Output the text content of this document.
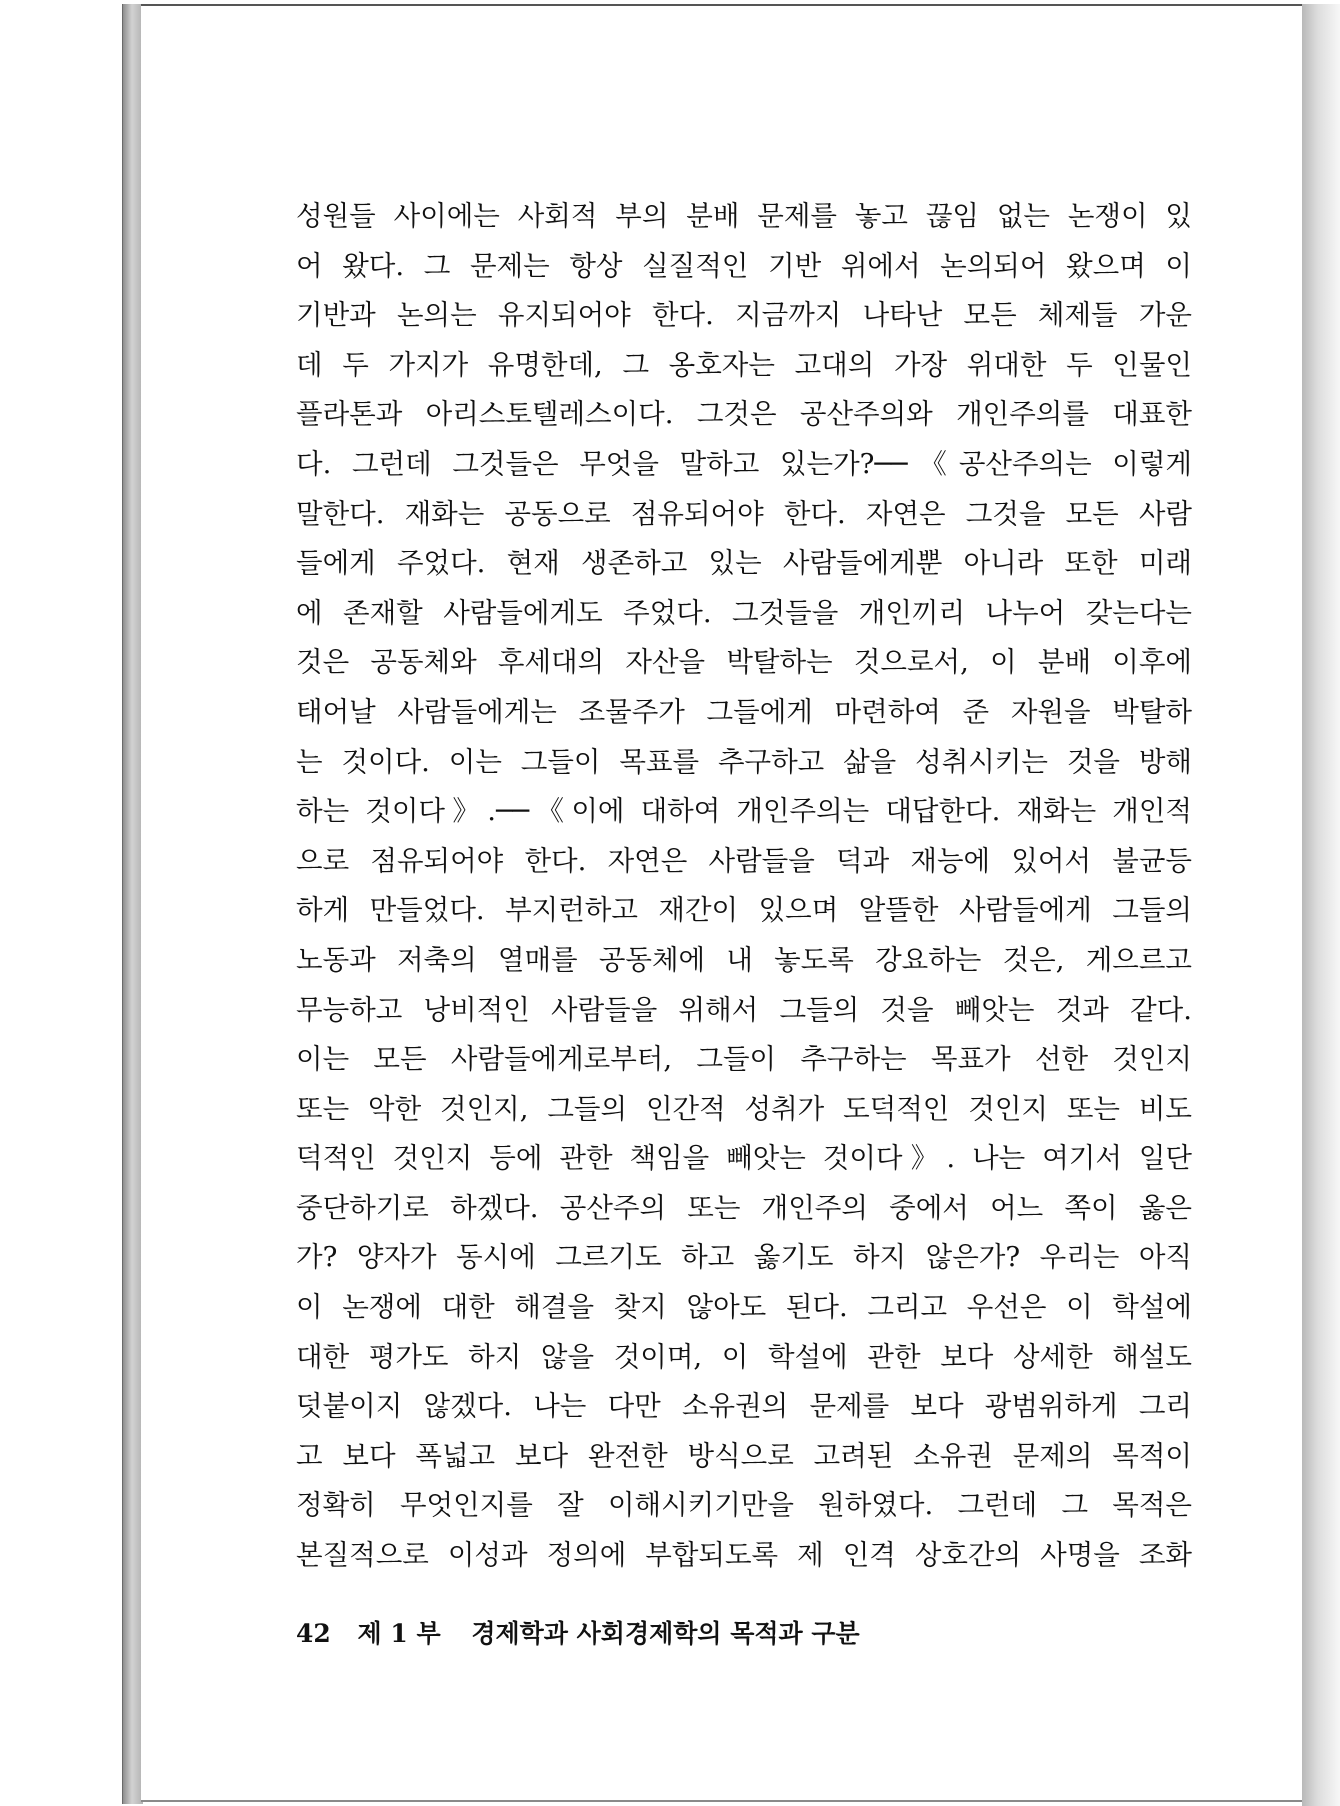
성원들 사이에는 사회적 부의 분배 문제를 놓고 끊임 없는 논쟁이 있
어 왔다. 그 문제는 항상 실질적인 기반 위에서 논의되어 왔으며 이
기반과 논의는 유지되어야 한다. 지금까지 나타난 모든 체제들 가운
데 두 가지가 유명한데, 그 옹호자는 고대의 가장 위대한 두 인물인
플라톤과 아리스토텔레스이다. 그것은 공산주의와 개인주의를 대표한
다. 그런데 그것들은 무엇을 말하고 있는가?──《공산주의는 이렇게
말한다. 재화는 공동으로 점유되어야 한다. 자연은 그것을 모든 사람
들에게 주었다. 현재 생존하고 있는 사람들에게뿐 아니라 또한 미래
에 존재할 사람들에게도 주었다. 그것들을 개인끼리 나누어 갖는다는
것은 공동체와 후세대의 자산을 박탈하는 것으로서, 이 분배 이후에
태어날 사람들에게는 조물주가 그들에게 마련하여 준 자원을 박탈하
는 것이다. 이는 그들이 목표를 추구하고 삶을 성취시키는 것을 방해
하는 것이다》.──《이에 대하여 개인주의는 대답한다. 재화는 개인적
으로 점유되어야 한다. 자연은 사람들을 덕과 재능에 있어서 불균등
하게 만들었다. 부지런하고 재간이 있으며 알뜰한 사람들에게 그들의
노동과 저축의 열매를 공동체에 내 놓도록 강요하는 것은, 게으르고
무능하고 낭비적인 사람들을 위해서 그들의 것을 빼앗는 것과 같다.
이는 모든 사람들에게로부터, 그들이 추구하는 목표가 선한 것인지
또는 악한 것인지, 그들의 인간적 성취가 도덕적인 것인지 또는 비도
덕적인 것인지 등에 관한 책임을 빼앗는 것이다》. 나는 여기서 일단
중단하기로 하겠다. 공산주의 또는 개인주의 중에서 어느 쪽이 옳은
가? 양자가 동시에 그르기도 하고 옳기도 하지 않은가? 우리는 아직
이 논쟁에 대한 해결을 찾지 않아도 된다. 그리고 우선은 이 학설에
대한 평가도 하지 않을 것이며, 이 학설에 관한 보다 상세한 해설도
덧붙이지 않겠다. 나는 다만 소유권의 문제를 보다 광범위하게 그리
고 보다 폭넓고 보다 완전한 방식으로 고려된 소유권 문제의 목적이
정확히 무엇인지를 잘 이해시키기만을 원하였다. 그런데 그 목적은
본질적으로 이성과 정의에 부합되도록 제 인격 상호간의 사명을 조화
42 제 1 부 경제학과 사회경제학의 목적과 구분
